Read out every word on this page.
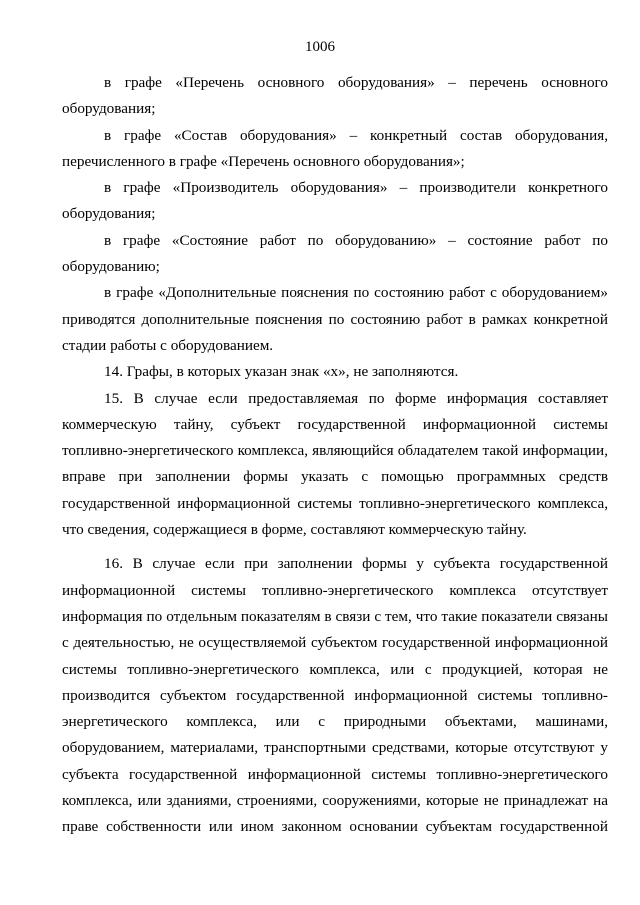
1006

в графе «Перечень основного оборудования» – перечень основного оборудования;

в графе «Состав оборудования» – конкретный состав оборудования, перечисленного в графе «Перечень основного оборудования»;

в графе «Производитель оборудования» – производители конкретного оборудования;

в графе «Состояние работ по оборудованию» – состояние работ по оборудованию;

в графе «Дополнительные пояснения по состоянию работ с оборудованием» приводятся дополнительные пояснения по состоянию работ в рамках конкретной стадии работы с оборудованием.

14. Графы, в которых указан знак «х», не заполняются.

15. В случае если предоставляемая по форме информация составляет коммерческую тайну, субъект государственной информационной системы топливно-энергетического комплекса, являющийся обладателем такой информации, вправе при заполнении формы указать с помощью программных средств государственной информационной системы топливно-энергетического комплекса, что сведения, содержащиеся в форме, составляют коммерческую тайну.

16. В случае если при заполнении формы у субъекта государственной информационной системы топливно-энергетического комплекса отсутствует информация по отдельным показателям в связи с тем, что такие показатели связаны с деятельностью, не осуществляемой субъектом государственной информационной системы топливно-энергетического комплекса, или с продукцией, которая не производится субъектом государственной информационной системы топливно-энергетического комплекса, или с природными объектами, машинами, оборудованием, материалами, транспортными средствами, которые отсутствуют у субъекта государственной информационной системы топливно-энергетического комплекса, или зданиями, строениями, сооружениями, которые не принадлежат на праве собственности или ином законном основании субъектам государственной
